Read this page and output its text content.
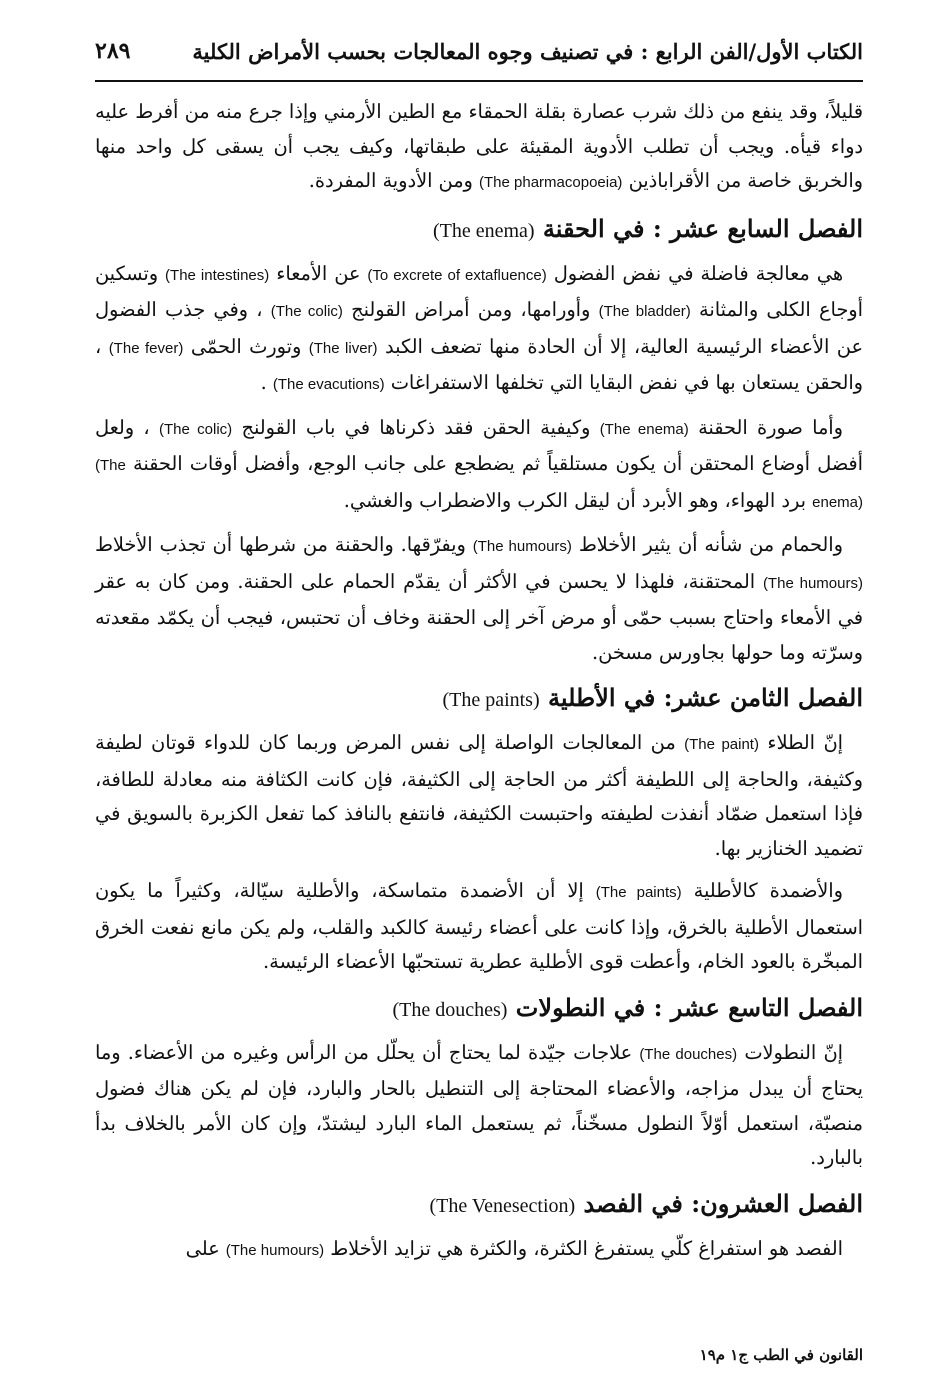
٢٨٩	الكتاب الأول/الفن الرابع : في تصنيف وجوه المعالجات بحسب الأمراض الكلية

قليلاً، وقد ينفع من ذلك شرب عصارة بقلة الحمقاء مع الطين الأرمني وإذا جرع منه من أفرط عليه دواء قيأه. ويجب أن تطلب الأدوية المقيئة على طبقاتها، وكيف يجب أن يسقى كل واحد منها والخربق خاصة من الأقراباذين (The pharmacopoeia) ومن الأدوية المفردة.

الفصل السابع عشر : في الحقنة (The enema)

هي معالجة فاضلة في نفض الفضول (To excrete of extafluence) عن الأمعاء (The intestines) وتسكين أوجاع الكلى والمثانة (The bladder) وأورامها، ومن أمراض القولنج (The colic) ، وفي جذب الفضول عن الأعضاء الرئيسية العالية، إلا أن الحادة منها تضعف الكبد (The liver) وتورث الحمّى (The fever) ، والحقن يستعان بها في نفض البقايا التي تخلفها الاستفراغات (The evacutions) .

وأما صورة الحقنة (The enema) وكيفية الحقن فقد ذكرناها في باب القولنج (The colic) ، ولعل أفضل أوضاع المحتقن أن يكون مستلقياً ثم يضطجع على جانب الوجع، وأفضل أوقات الحقنة (The enema) برد الهواء، وهو الأبرد أن ليقل الكرب والاضطراب والغشي.

والحمام من شأنه أن يثير الأخلاط (The humours) ويفرّقها. والحقنة من شرطها أن تجذب الأخلاط (The humours) المحتقنة، فلهذا لا يحسن في الأكثر أن يقدّم الحمام على الحقنة. ومن كان به عقر في الأمعاء واحتاج بسبب حمّى أو مرض آخر إلى الحقنة وخاف أن تحتبس، فيجب أن يكمّد مقعدته وسرّته وما حولها بجاورس مسخن.

الفصل الثامن عشر: في الأطلية (The paints)

إنّ الطلاء (The paint) من المعالجات الواصلة إلى نفس المرض وربما كان للدواء قوتان لطيفة وكثيفة، والحاجة إلى اللطيفة أكثر من الحاجة إلى الكثيفة، فإن كانت الكثافة منه معادلة للطافة، فإذا استعمل ضمّاد أنفذت لطيفته واحتبست الكثيفة، فانتفع بالنافذ كما تفعل الكزبرة بالسويق في تضميد الخنازير بها.

والأضمدة كالأطلية (The paints) إلا أن الأضمدة متماسكة، والأطلية سيّالة، وكثيراً ما يكون استعمال الأطلية بالخرق، وإذا كانت على أعضاء رئيسة كالكبد والقلب، ولم يكن مانع نفعت الخرق المبخّرة بالعود الخام، وأعطت قوى الأطلية عطرية تستحبّها الأعضاء الرئيسة.

الفصل التاسع عشر : في النطولات (The douches)

إنّ النطولات (The douches) علاجات جيّدة لما يحتاج أن يحلّل من الرأس وغيره من الأعضاء. وما يحتاج أن يبدل مزاجه، والأعضاء المحتاجة إلى التنطيل بالحار والبارد، فإن لم يكن هناك فضول منصبّة، استعمل أوّلاً النطول مسخّناً، ثم يستعمل الماء البارد ليشتدّ، وإن كان الأمر بالخلاف بدأ بالبارد.

الفصل العشرون: في الفصد (The Venesection)

الفصد هو استفراغ كلّي يستفرغ الكثرة، والكثرة هي تزايد الأخلاط (The humours) على

القانون في الطب ج١ م١٩
